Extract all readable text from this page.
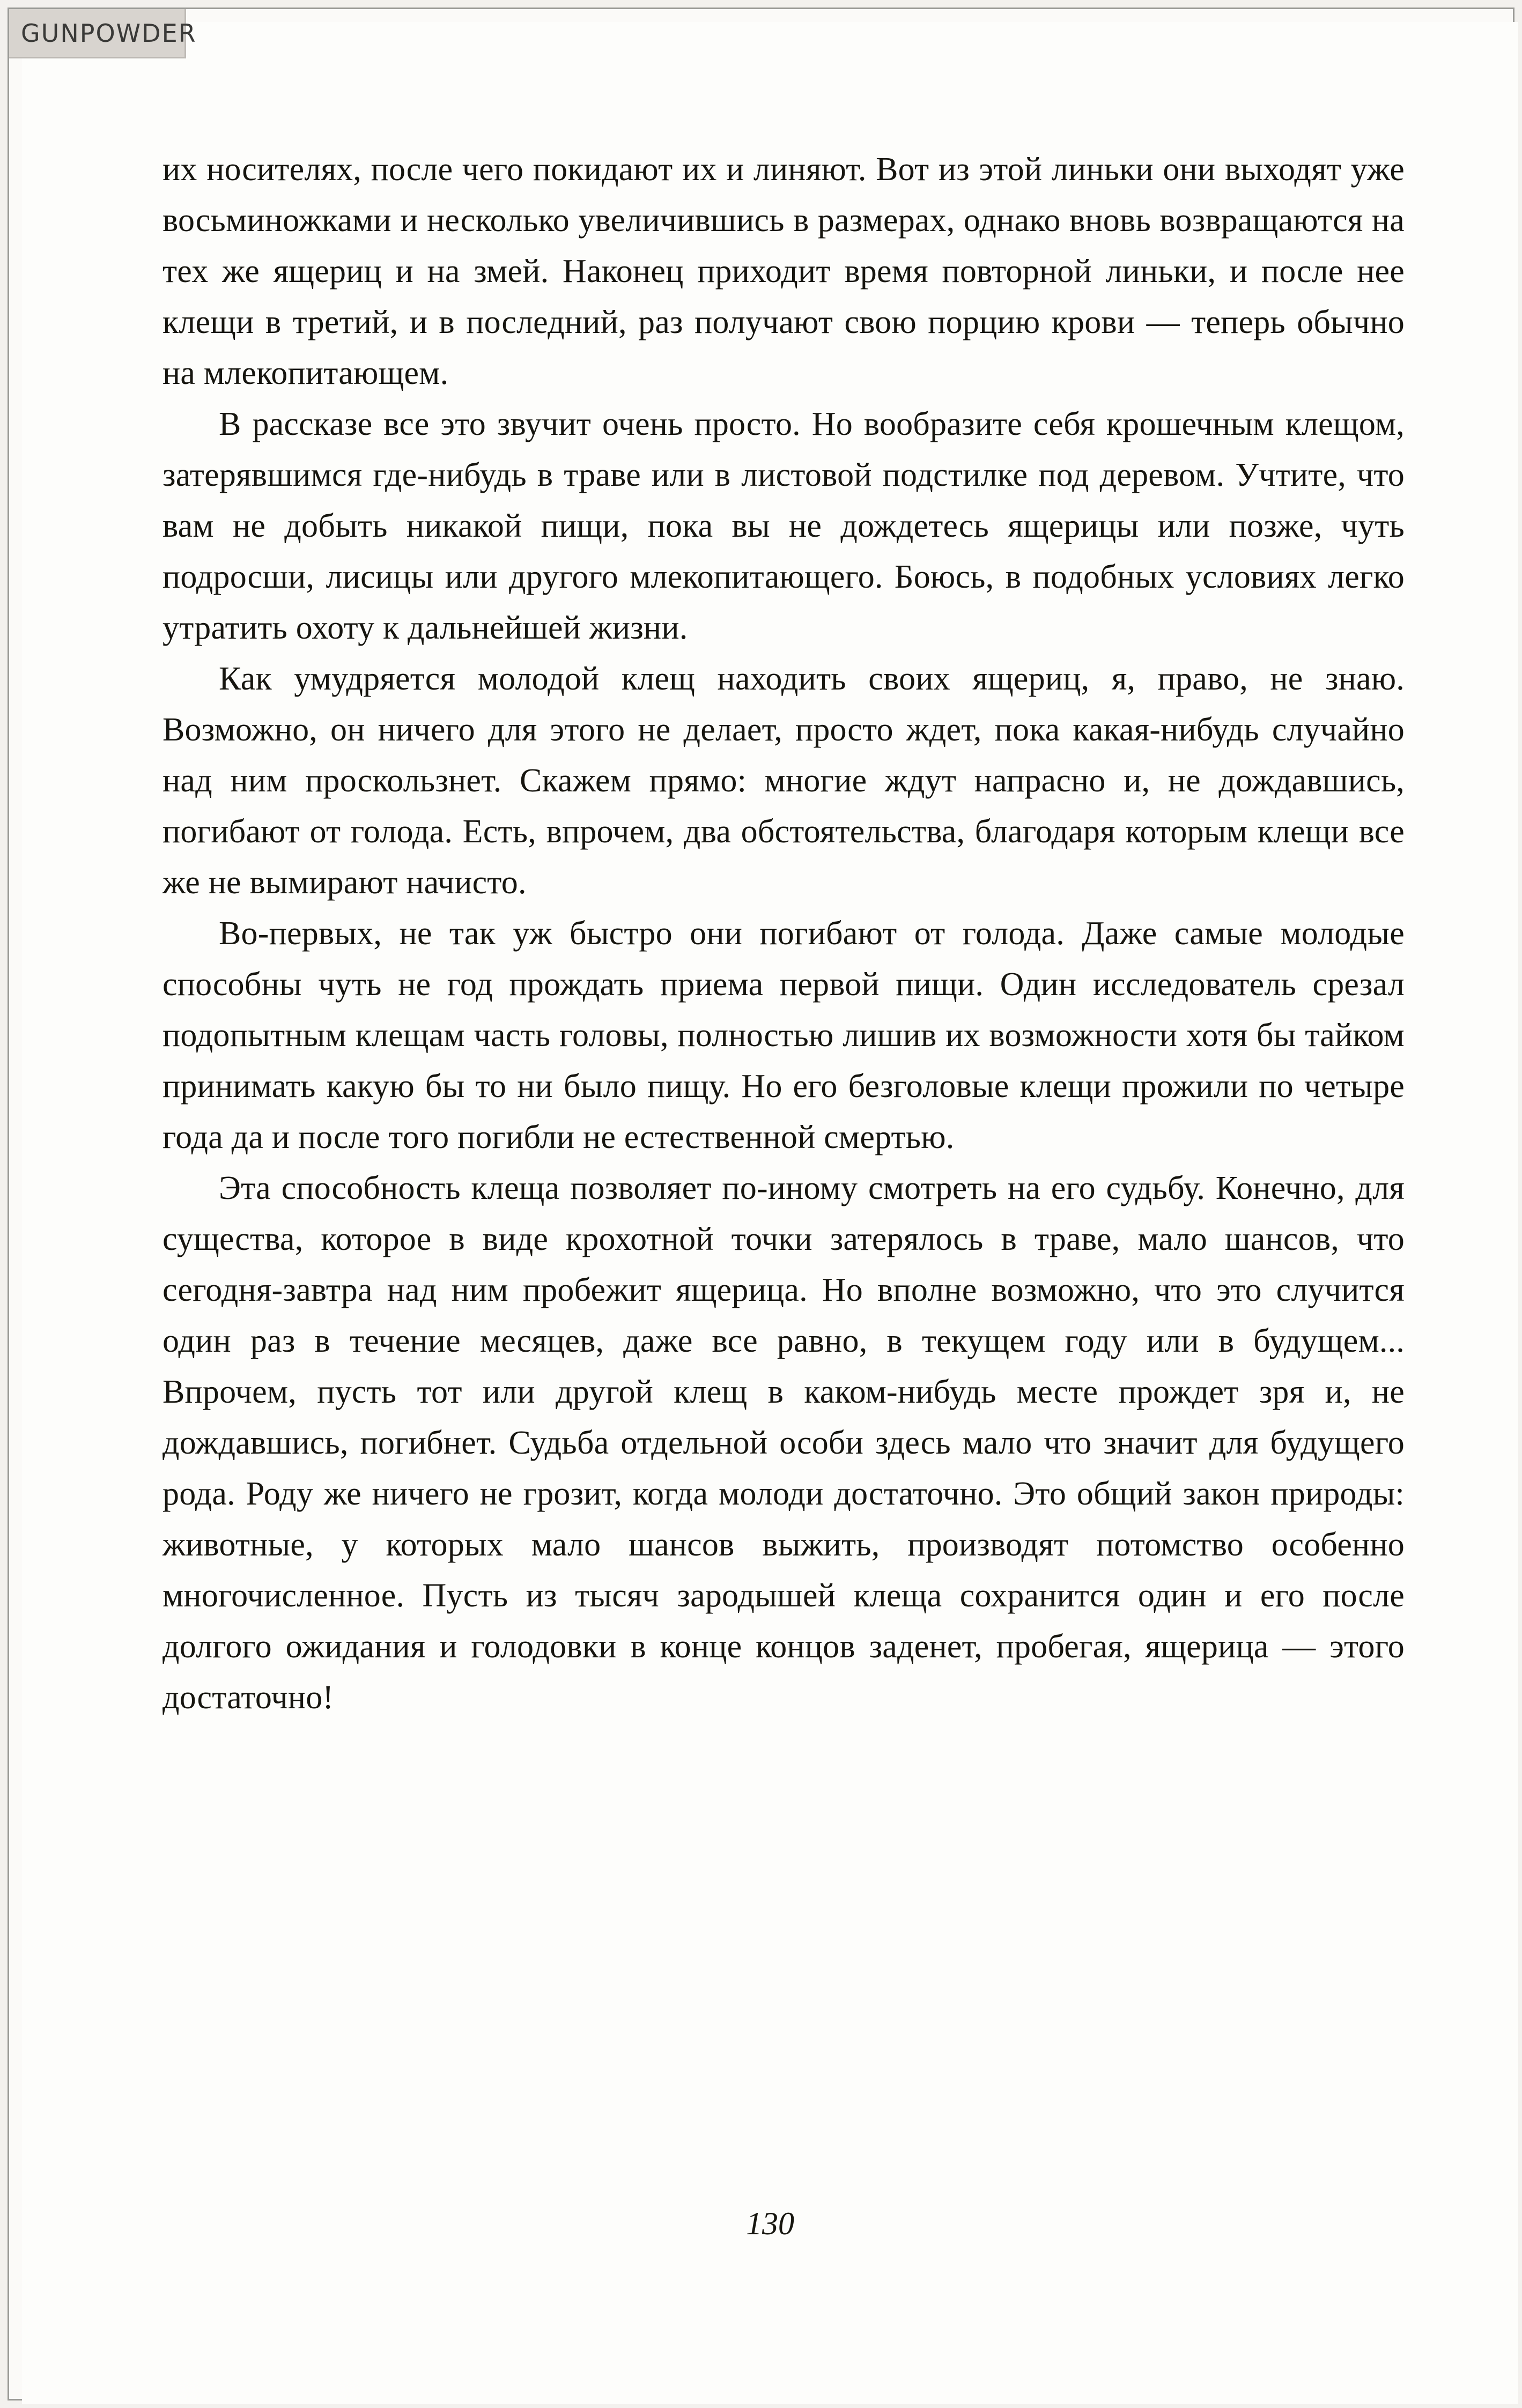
их носителях, после чего покидают их и линяют. Вот из этой линьки они выходят уже восьминожками и несколько увеличившись в размерах, однако вновь возвращаются на тех же ящериц и на змей. Наконец приходит время повторной линьки, и после нее клещи в третий, и в последний, раз получают свою порцию крови — теперь обычно на млекопитающем.

В рассказе все это звучит очень просто. Но вообразите себя крошечным клещом, затерявшимся где-нибудь в траве или в листовой подстилке под деревом. Учтите, что вам не добыть никакой пищи, пока вы не дождетесь ящерицы или позже, чуть подросши, лисицы или другого млекопитающего. Боюсь, в подобных условиях легко утратить охоту к дальнейшей жизни.

Как умудряется молодой клещ находить своих ящериц, я, право, не знаю. Возможно, он ничего для этого не делает, просто ждет, пока какая-нибудь случайно над ним проскользнет. Скажем прямо: многие ждут напрасно и, не дождавшись, погибают от голода. Есть, впрочем, два обстоятельства, благодаря которым клещи все же не вымирают начисто.

Во-первых, не так уж быстро они погибают от голода. Даже самые молодые способны чуть не год прождать приема первой пищи. Один исследователь срезал подопытным клещам часть головы, полностью лишив их возможности хотя бы тайком принимать какую бы то ни было пищу. Но его безголовые клещи прожили по четыре года да и после того погибли не естественной смертью.

Эта способность клеща позволяет по-иному смотреть на его судьбу. Конечно, для существа, которое в виде крохотной точки затерялось в траве, мало шансов, что сегодня-завтра над ним пробежит ящерица. Но вполне возможно, что это случится один раз в течение месяцев, даже все равно, в текущем году или в будущем... Впрочем, пусть тот или другой клещ в каком-нибудь месте прождет зря и, не дождавшись, погибнет. Судьба отдельной особи здесь мало что значит для будущего рода. Роду же ничего не грозит, когда молоди достаточно. Это общий закон природы: животные, у которых мало шансов выжить, производят потомство особенно многочисленное. Пусть из тысяч зародышей клеща сохранится один и его после долгого ожидания и голодовки в конце концов заденет, пробегая, ящерица — этого достаточно!

130
GUNPOWDER
